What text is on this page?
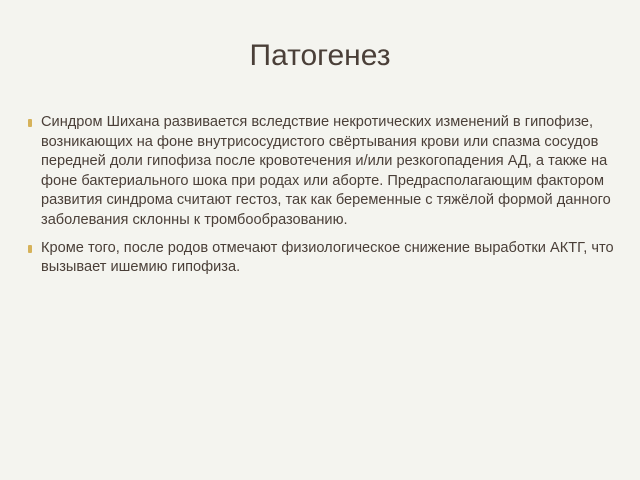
Патогенез
Синдром Шихана развивается вследствие некротических изменений в гипофизе, возникающих на фоне внутрисосудистого свёртывания крови или спазма сосудов передней доли гипофиза после кровотечения и/или резкогопадения АД, а также на фоне бактериального шока при родах или аборте. Предрасполагающим фактором развития синдрома считают гестоз, так как беременные с тяжёлой формой данного заболевания склонны к тромбообразованию.
Кроме того, после родов отмечают физиологическое снижение выработки АКТГ, что вызывает ишемию гипофиза.
